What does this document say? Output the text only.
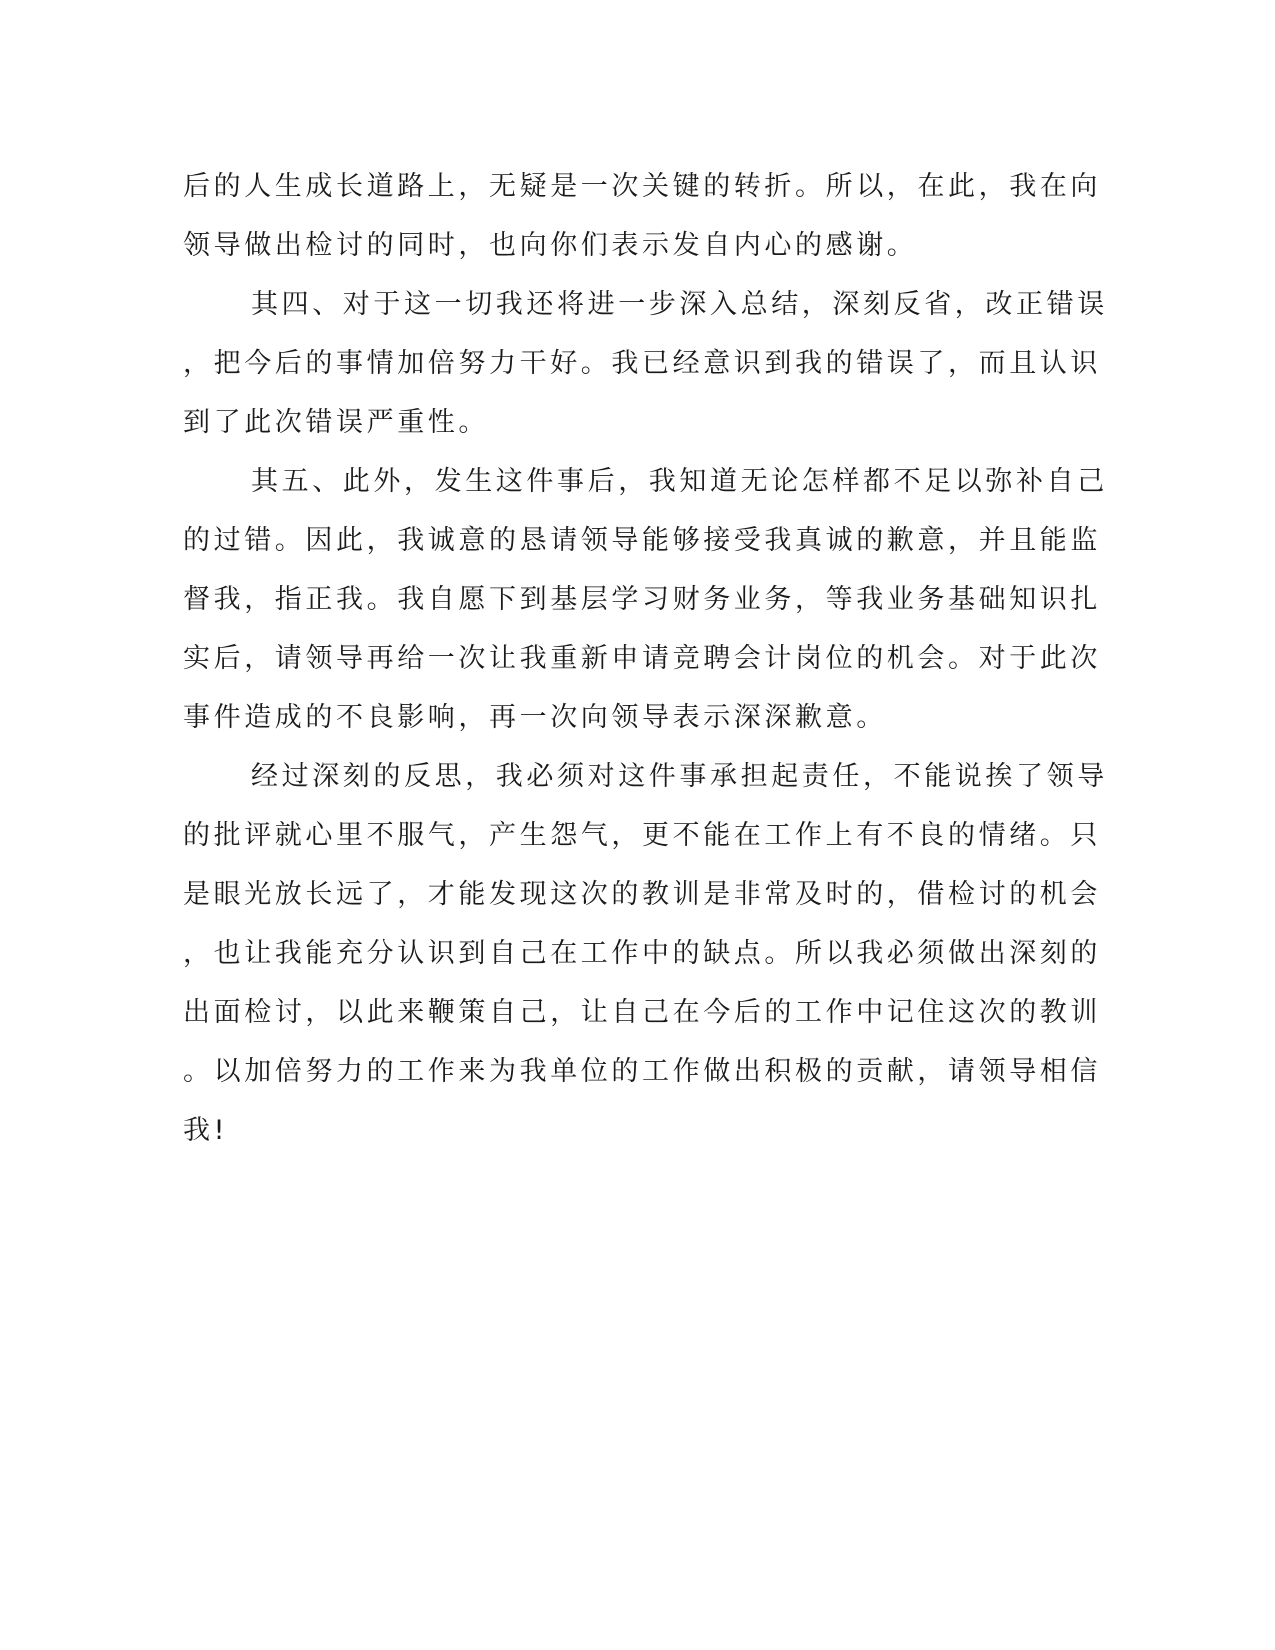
后的人生成长道路上，无疑是一次关键的转折。所以，在此，我在向
领导做出检讨的同时，也向你们表示发自内心的感谢。
其四、对于这一切我还将进一步深入总结，深刻反省，改正错误
，把今后的事情加倍努力干好。我已经意识到我的错误了，而且认识
到了此次错误严重性。
其五、此外，发生这件事后，我知道无论怎样都不足以弥补自己
的过错。因此，我诚意的恳请领导能够接受我真诚的歉意，并且能监
督我，指正我。我自愿下到基层学习财务业务，等我业务基础知识扎
实后，请领导再给一次让我重新申请竞聘会计岗位的机会。对于此次
事件造成的不良影响，再一次向领导表示深深歉意。
经过深刻的反思，我必须对这件事承担起责任，不能说挨了领导
的批评就心里不服气，产生怨气，更不能在工作上有不良的情绪。只
是眼光放长远了，才能发现这次的教训是非常及时的，借检讨的机会
，也让我能充分认识到自己在工作中的缺点。所以我必须做出深刻的
出面检讨，以此来鞭策自己，让自己在今后的工作中记住这次的教训
。以加倍努力的工作来为我单位的工作做出积极的贡献，请领导相信
我!
